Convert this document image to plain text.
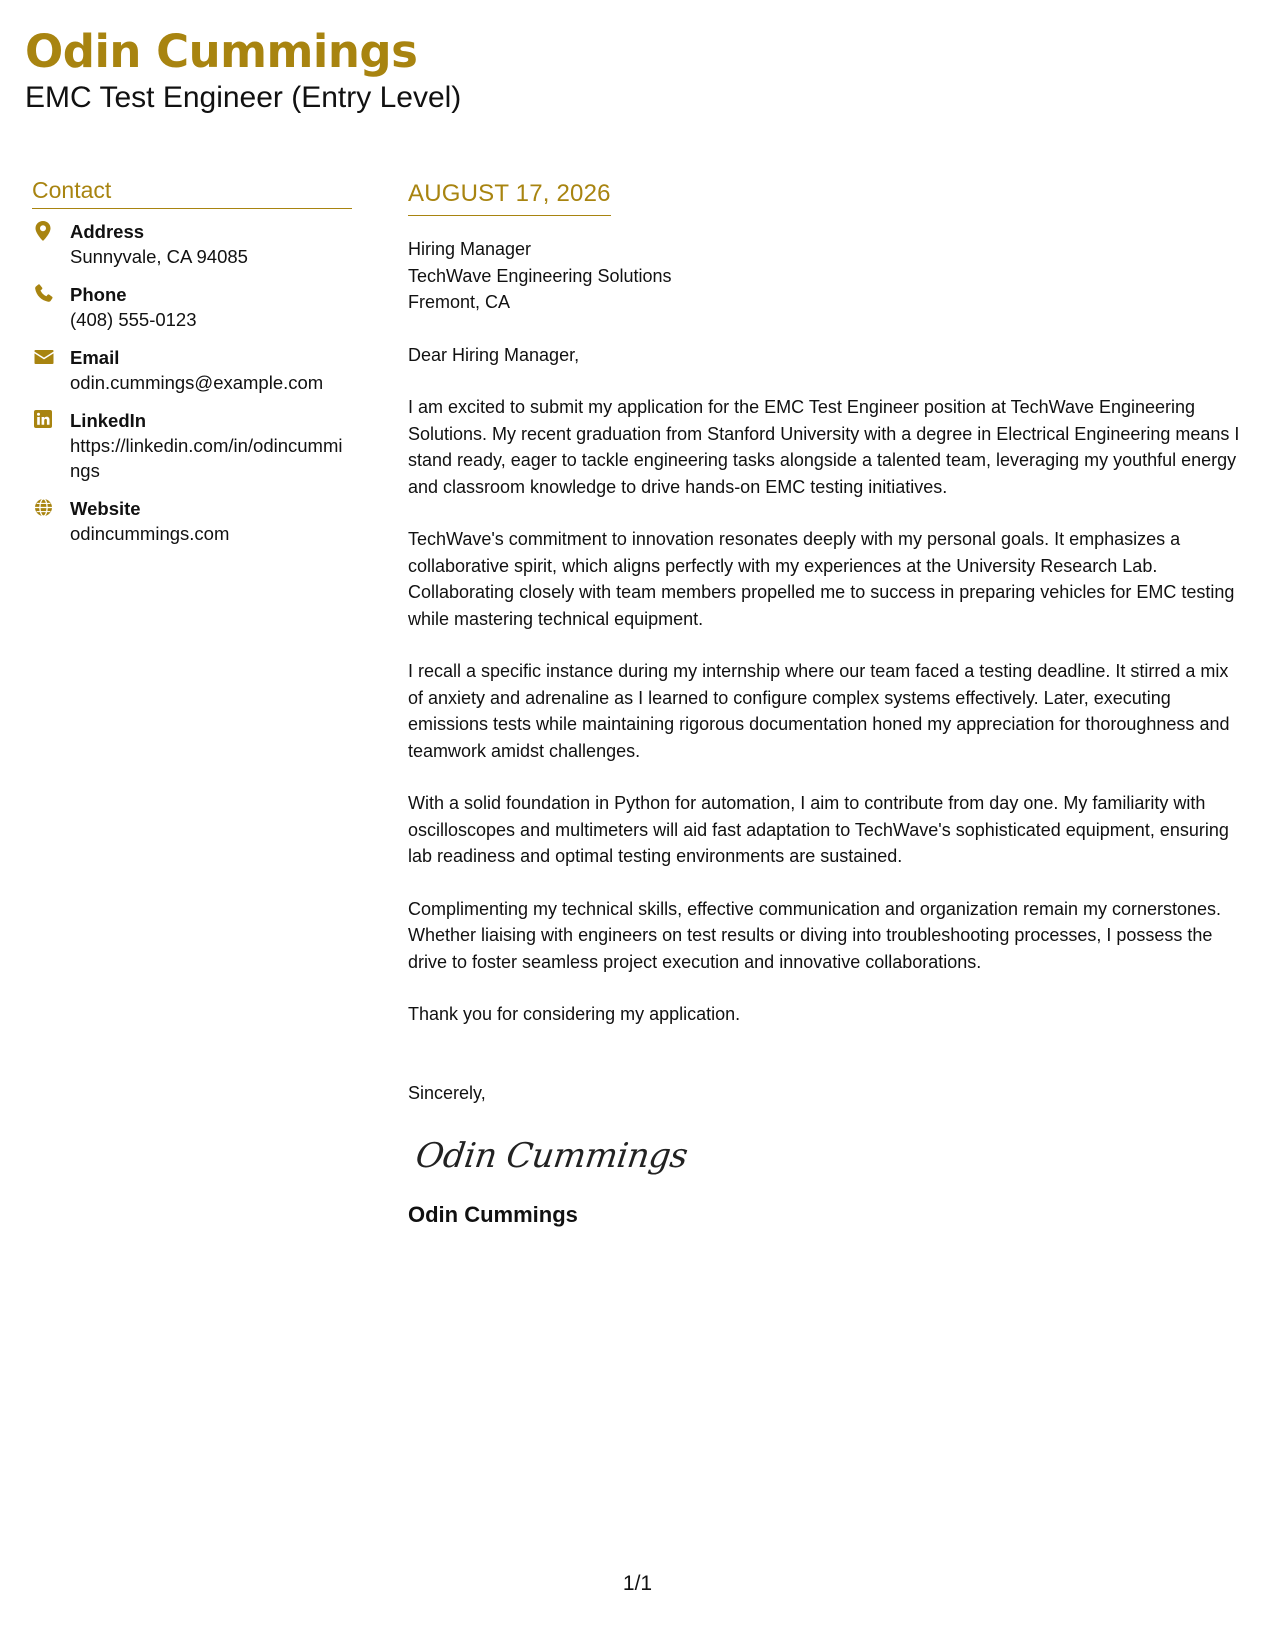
Odin Cummings
EMC Test Engineer (Entry Level)
Contact
Address
Sunnyvale, CA 94085
Phone
(408) 555-0123
Email
odin.cummings@example.com
LinkedIn
https://linkedin.com/in/odincummings
Website
odincummings.com
AUGUST 17, 2026
Hiring Manager
TechWave Engineering Solutions
Fremont, CA
Dear Hiring Manager,

I am excited to submit my application for the EMC Test Engineer position at TechWave Engineering Solutions. My recent graduation from Stanford University with a degree in Electrical Engineering means I stand ready, eager to tackle engineering tasks alongside a talented team, leveraging my youthful energy and classroom knowledge to drive hands-on EMC testing initiatives.

TechWave's commitment to innovation resonates deeply with my personal goals. It emphasizes a collaborative spirit, which aligns perfectly with my experiences at the University Research Lab. Collaborating closely with team members propelled me to success in preparing vehicles for EMC testing while mastering technical equipment.

I recall a specific instance during my internship where our team faced a testing deadline. It stirred a mix of anxiety and adrenaline as I learned to configure complex systems effectively. Later, executing emissions tests while maintaining rigorous documentation honed my appreciation for thoroughness and teamwork amidst challenges.

With a solid foundation in Python for automation, I aim to contribute from day one. My familiarity with oscilloscopes and multimeters will aid fast adaptation to TechWave's sophisticated equipment, ensuring lab readiness and optimal testing environments are sustained.

Complimenting my technical skills, effective communication and organization remain my cornerstones. Whether liaising with engineers on test results or diving into troubleshooting processes, I possess the drive to foster seamless project execution and innovative collaborations.

Thank you for considering my application.

Sincerely,
Odin Cummings
Odin Cummings
1/1
